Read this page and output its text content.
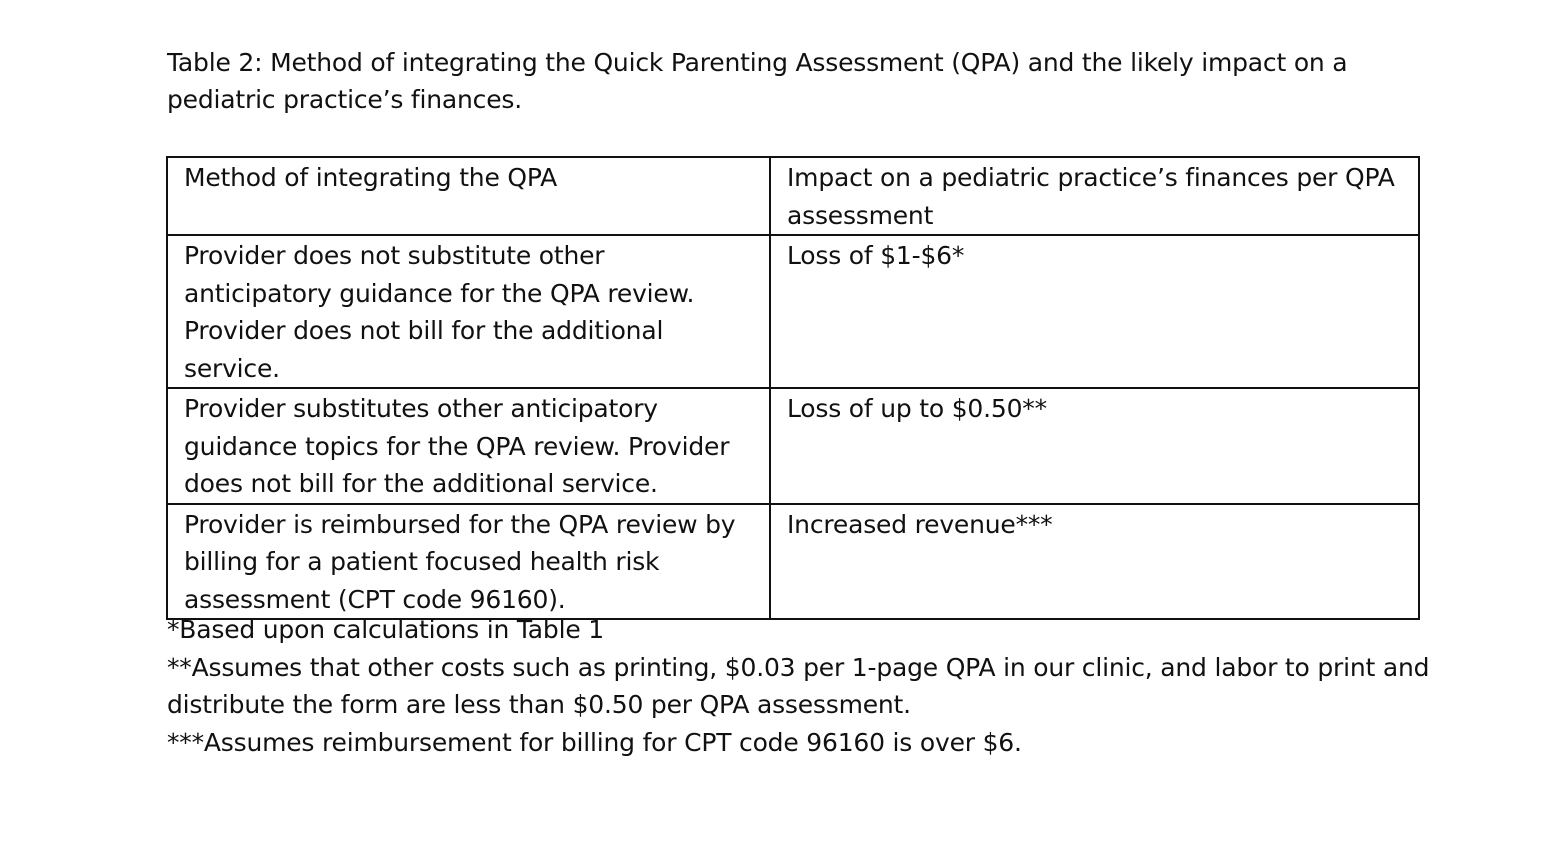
Table 2: Method of integrating the Quick Parenting Assessment (QPA) and the likely impact on a pediatric practice’s finances.

Method of integrating the QPA	Impact on a pediatric practice’s finances per QPA assessment
Provider does not substitute other anticipatory guidance for the QPA review. Provider does not bill for the additional service.	Loss of $1-$6*
Provider substitutes other anticipatory guidance topics for the QPA review. Provider does not bill for the additional service.	Loss of up to $0.50**
Provider is reimbursed for the QPA review by billing for a patient focused health risk assessment (CPT code 96160).	Increased revenue***

*Based upon calculations in Table 1

**Assumes that other costs such as printing, $0.03 per 1-page QPA in our clinic, and labor to print and distribute the form are less than $0.50 per QPA assessment.

***Assumes reimbursement for billing for CPT code 96160 is over $6.
